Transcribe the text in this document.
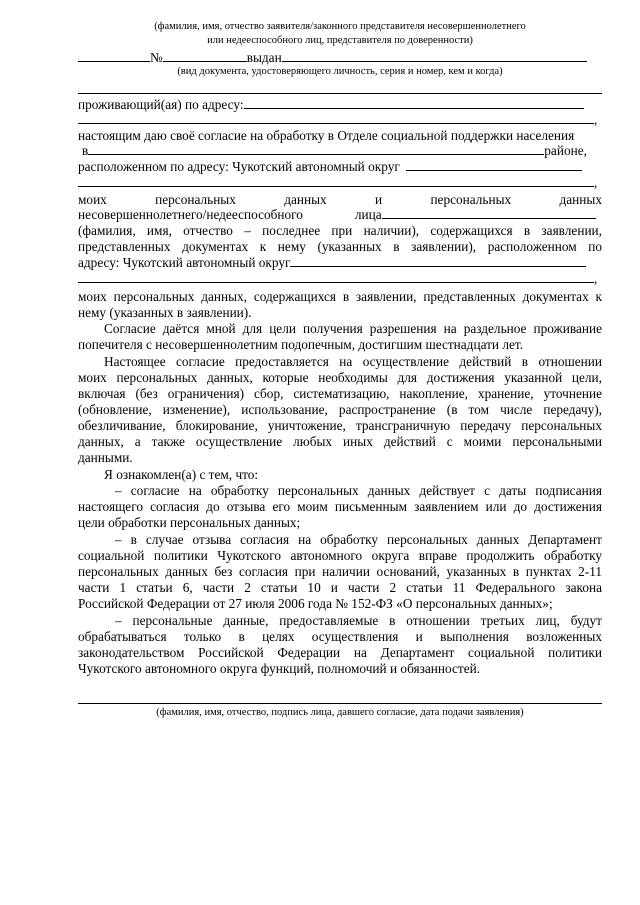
(фамилия, имя, отчество заявителя/законного представителя несовершеннолетнего
или недееспособного лиц, представителя по доверенности)
№	выдан
(вид документа, удостоверяющего личность, серия и номер, кем и когда)
проживающий(ая) по адресу:
,
настоящим даю своё согласие на обработку в Отделе социальной поддержки населения
в	районе,
расположенном по адресу: Чукотский автономный округ
,
моих	персональных	данных	и	персональных	данных
несовершеннолетнего/недееспособного	лица
(фамилия, имя, отчество – последнее при наличии), содержащихся в заявлении,
представленных документах к нему (указанных в заявлении), расположенном по
адресу: Чукотский автономный округ
,
моих персональных данных, содержащихся в заявлении, представленных документах к
нему (указанных в заявлении).
Согласие даётся мной для цели получения разрешения на раздельное проживание
попечителя с несовершеннолетним подопечным, достигшим шестнадцати лет.
Настоящее согласие предоставляется на осуществление действий в отношении
моих персональных данных, которые необходимы для достижения указанной цели,
включая (без ограничения) сбор, систематизацию, накопление, хранение, уточнение
(обновление, изменение), использование, распространение (в том числе передачу),
обезличивание, блокирование, уничтожение, трансграничную передачу персональных
данных, а также осуществление любых иных действий с моими персональными
данными.
Я ознакомлен(а) с тем, что:
– согласие на обработку персональных данных действует с даты подписания
настоящего согласия до отзыва его моим письменным заявлением или до достижения
цели обработки персональных данных;
– в случае отзыва согласия на обработку персональных данных Департамент
социальной политики Чукотского автономного округа вправе продолжить обработку
персональных данных без согласия при наличии оснований, указанных в пунктах 2-11
части 1 статьи 6, части 2 статьи 10 и части 2 статьи 11 Федерального закона
Российской Федерации от 27 июля 2006 года № 152-ФЗ «О персональных данных»;
– персональные данные, предоставляемые в отношении третьих лиц, будут
обрабатываться только в целях осуществления и выполнения возложенных
законодательством Российской Федерации на Департамент социальной политики
Чукотского автономного округа функций, полномочий и обязанностей.
(фамилия, имя, отчество, подпись лица, давшего согласие, дата подачи заявления)
